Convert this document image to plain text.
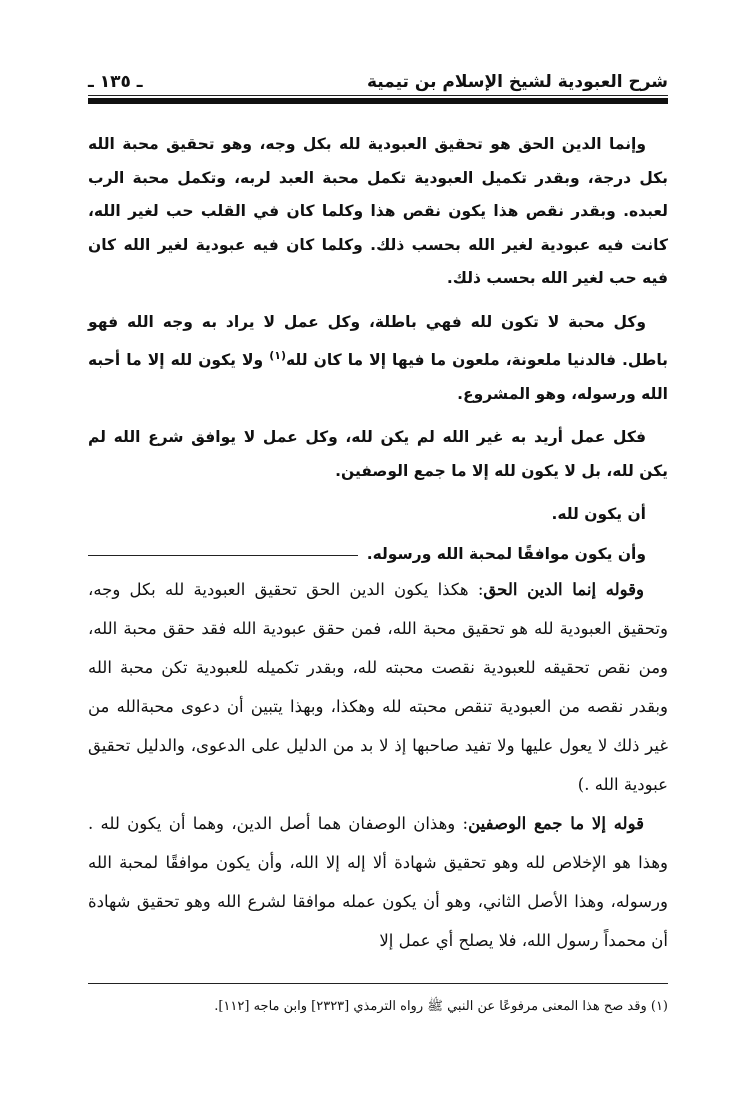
شرح العبودية لشيخ الإسلام بن تيمية
ـ ١٣٥ ـ

وإنما الدين الحق هو تحقيق العبودية لله بكل وجه، وهو تحقيق محبة الله بكل درجة، وبقدر تكميل العبودية تكمل محبة العبد لربه، وتكمل محبة الرب لعبده. وبقدر نقص هذا يكون نقص هذا وكلما كان في القلب حب لغير الله، كانت فيه عبودية لغير الله بحسب ذلك. وكلما كان فيه عبودية لغير الله كان فيه حب لغير الله بحسب ذلك.

وكل محبة لا تكون لله فهي باطلة، وكل عمل لا يراد به وجه الله فهو باطل. فالدنيا ملعونة، ملعون ما فيها إلا ما كان لله$^{(١)}$ ولا يكون لله إلا ما أحبه الله ورسوله، وهو المشروع.

فكل عمل أريد به غير الله لم يكن لله، وكل عمل لا يوافق شرع الله لم يكن لله، بل لا يكون لله إلا ما جمع الوصفين.

أن يكون لله.

وأن يكون موافقًا لمحبة الله ورسوله.

وقوله إنما الدين الحق: هكذا يكون الدين الحق تحقيق العبودية لله بكل وجه، وتحقيق العبودية لله هو تحقيق محبة الله، فمن حقق عبودية الله فقد حقق محبة الله، ومن نقص تحقيقه للعبودية نقصت محبته لله، وبقدر تكميله للعبودية تكن محبة الله وبقدر نقصه من العبودية تنقص محبته لله وهكذا، وبهذا يتبين أن دعوى محبةالله من غير ذلك لا يعول عليها ولا تفيد صاحبها إذ لا بد من الدليل على الدعوى، والدليل تحقيق عبودية الله .)

قوله إلا ما جمع الوصفين: وهذان الوصفان هما أصل الدين، وهما أن يكون لله . وهذا هو الإخلاص لله وهو تحقيق شهادة ألا إله إلا الله، وأن يكون موافقًا لمحبة الله ورسوله، وهذا الأصل الثاني، وهو أن يكون عمله موافقا لشرع الله وهو تحقيق شهادة أن محمداً رسول الله، فلا يصلح أي عمل إلا

(١) وقد صح هذا المعنى مرفوعًا عن النبي ﷺ رواه الترمذي [٢٣٢٣] وابن ماجه [١١٢].
